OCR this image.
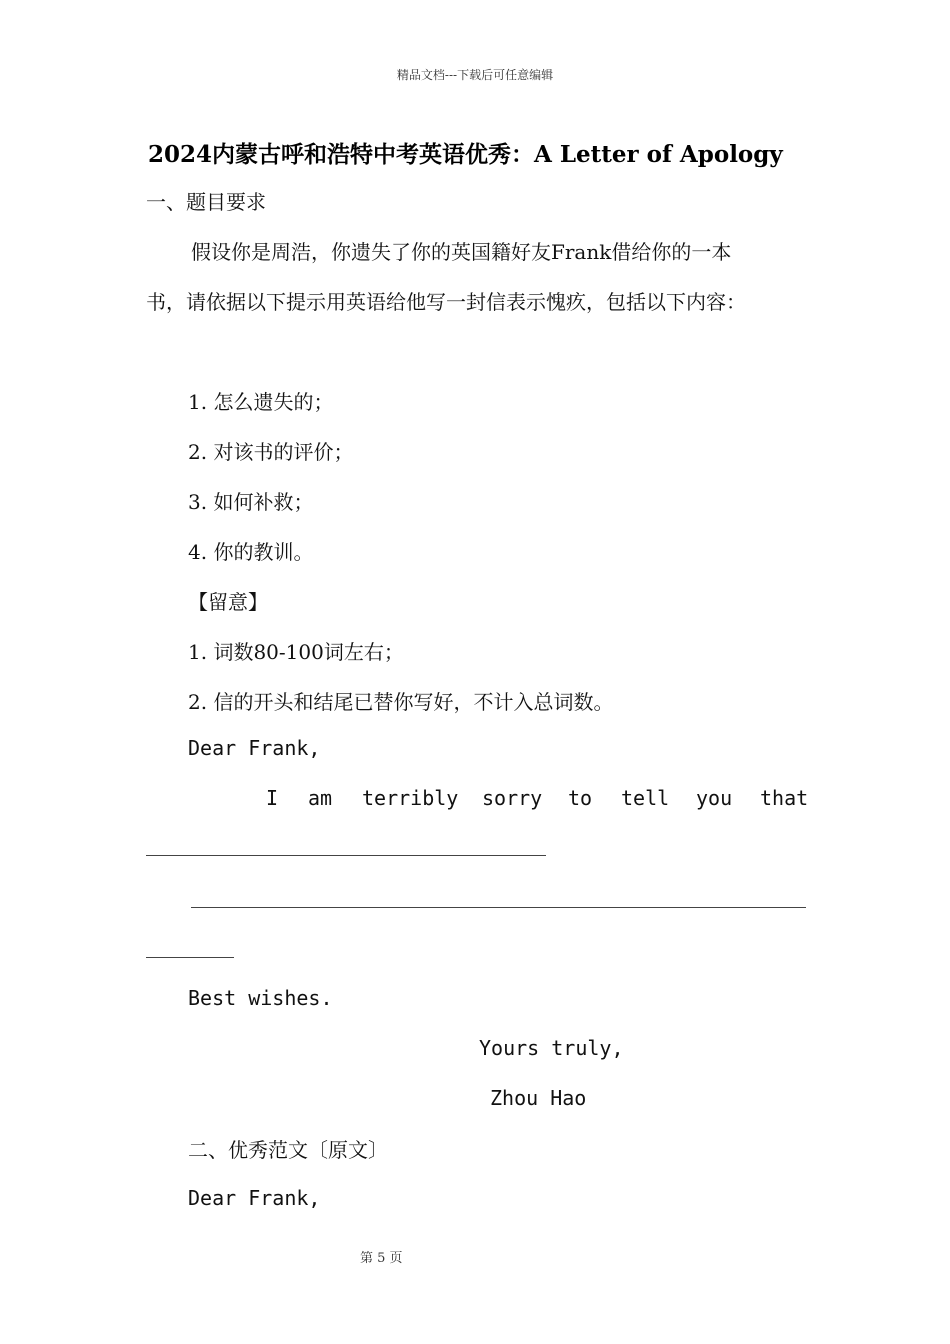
精品文档---下载后可任意编辑
2024内蒙古呼和浩特中考英语优秀：A Letter of Apology
一、题目要求
假设你是周浩，你遗失了你的英国籍好友Frank借给你的一本
书，请依据以下提示用英语给他写一封信表示愧疚，包括以下内容：
1. 怎么遗失的；
2. 对该书的评价；
3. 如何补救；
4. 你的教训。
【留意】
1. 词数80-100词左右；
2. 信的开头和结尾已替你写好，不计入总词数。
Dear Frank,
I am terribly sorry to tell you that
Best wishes.
Yours truly,
Zhou Hao
二、优秀范文〔原文〕
Dear Frank,
第 5 页
